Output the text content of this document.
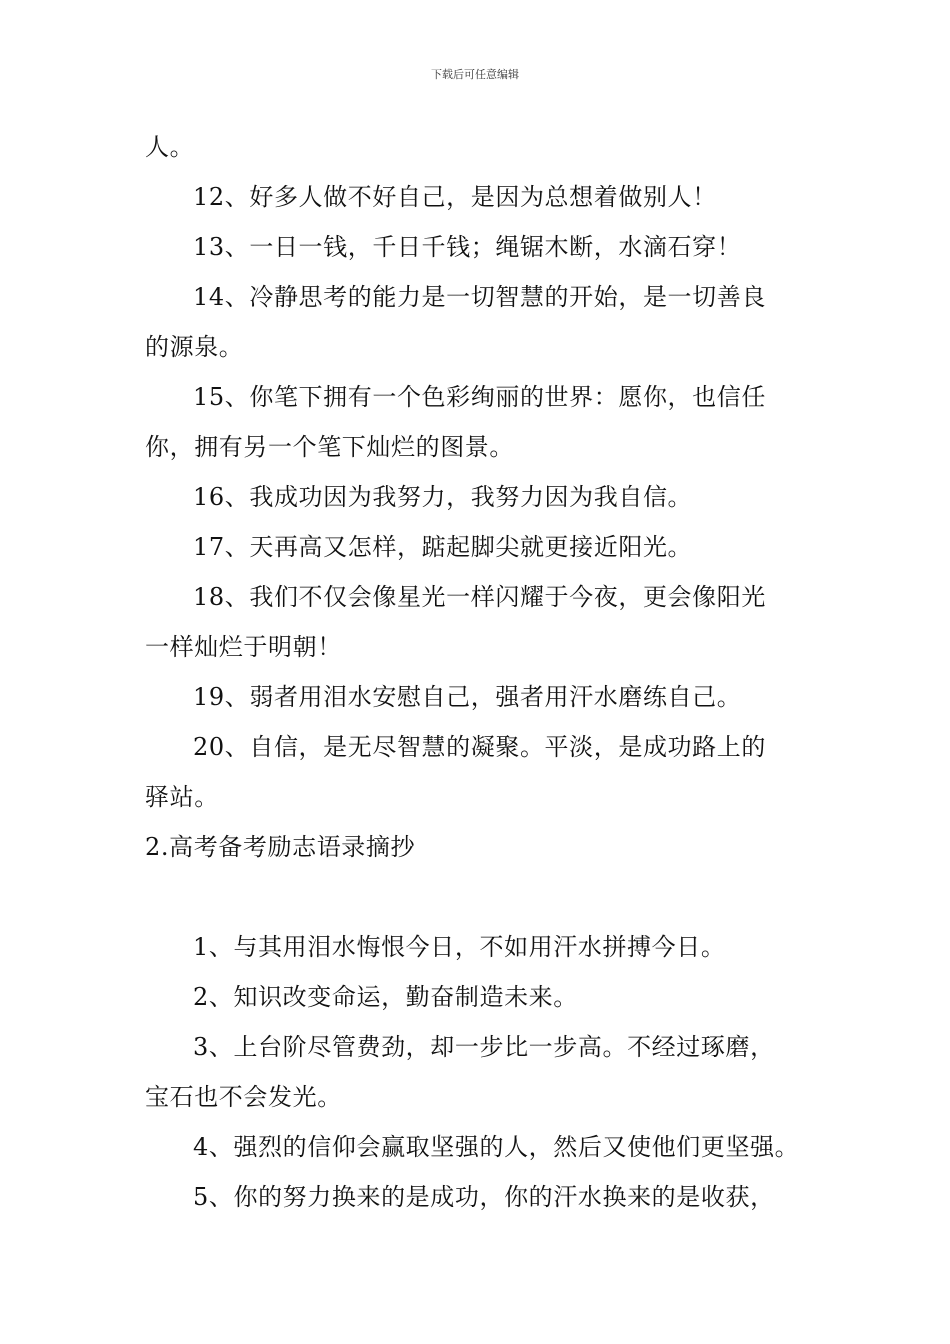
下载后可任意编辑
人。
12、好多人做不好自己，是因为总想着做别人！
13、一日一钱，千日千钱；绳锯木断，水滴石穿！
14、冷静思考的能力是一切智慧的开始，是一切善良
的源泉。
15、你笔下拥有一个色彩绚丽的世界：愿你，也信任
你，拥有另一个笔下灿烂的图景。
16、我成功因为我努力，我努力因为我自信。
17、天再高又怎样，踮起脚尖就更接近阳光。
18、我们不仅会像星光一样闪耀于今夜，更会像阳光
一样灿烂于明朝！
19、弱者用泪水安慰自己，强者用汗水磨练自己。
20、自信，是无尽智慧的凝聚。平淡，是成功路上的
驿站。
2.高考备考励志语录摘抄
1、与其用泪水悔恨今日，不如用汗水拼搏今日。
2、知识改变命运，勤奋制造未来。
3、上台阶尽管费劲，却一步比一步高。不经过琢磨，
宝石也不会发光。
4、强烈的信仰会赢取坚强的人，然后又使他们更坚强。
5、你的努力换来的是成功，你的汗水换来的是收获，
